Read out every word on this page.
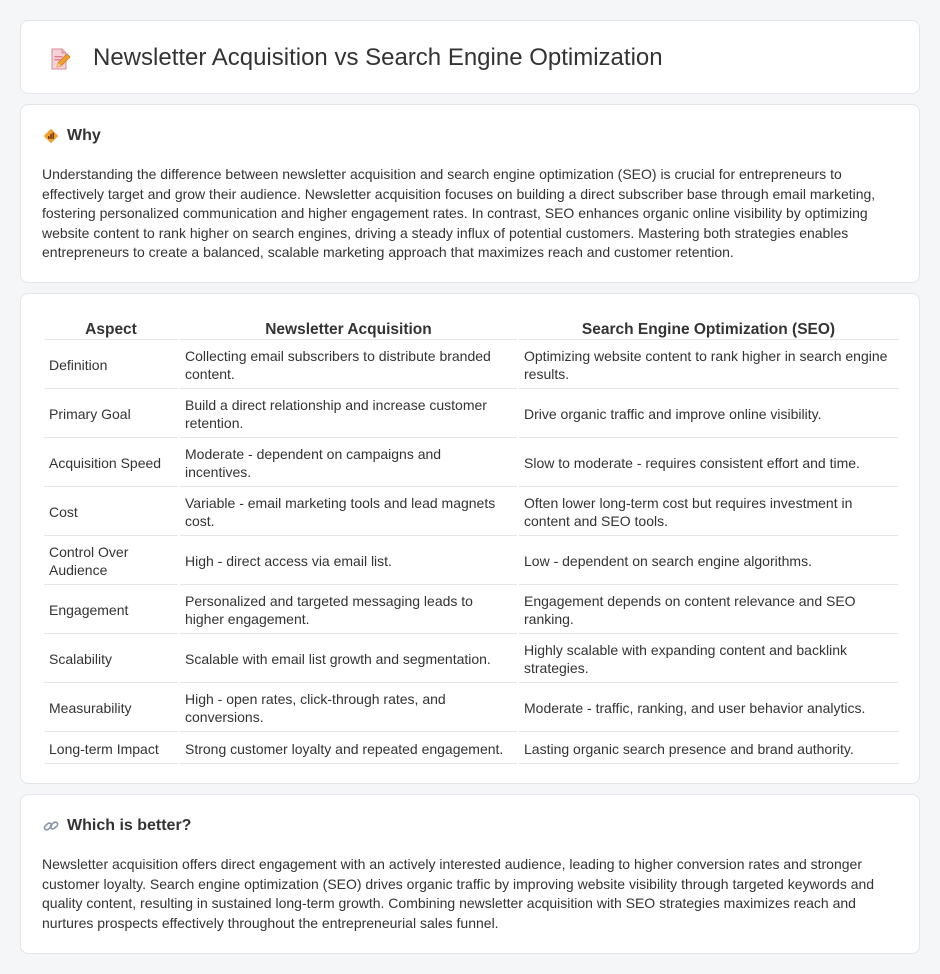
Newsletter Acquisition vs Search Engine Optimization
Why

Understanding the difference between newsletter acquisition and search engine optimization (SEO) is crucial for entrepreneurs to effectively target and grow their audience. Newsletter acquisition focuses on building a direct subscriber base through email marketing, fostering personalized communication and higher engagement rates. In contrast, SEO enhances organic online visibility by optimizing website content to rank higher on search engines, driving a steady influx of potential customers. Mastering both strategies enables entrepreneurs to create a balanced, scalable marketing approach that maximizes reach and customer retention.

Aspect	Newsletter Acquisition	Search Engine Optimization (SEO)
Definition	Collecting email subscribers to distribute branded content.	Optimizing website content to rank higher in search engine results.
Primary Goal	Build a direct relationship and increase customer retention.	Drive organic traffic and improve online visibility.
Acquisition Speed	Moderate - dependent on campaigns and incentives.	Slow to moderate - requires consistent effort and time.
Cost	Variable - email marketing tools and lead magnets cost.	Often lower long-term cost but requires investment in content and SEO tools.
Control Over Audience	High - direct access via email list.	Low - dependent on search engine algorithms.
Engagement	Personalized and targeted messaging leads to higher engagement.	Engagement depends on content relevance and SEO ranking.
Scalability	Scalable with email list growth and segmentation.	Highly scalable with expanding content and backlink strategies.
Measurability	High - open rates, click-through rates, and conversions.	Moderate - traffic, ranking, and user behavior analytics.
Long-term Impact	Strong customer loyalty and repeated engagement.	Lasting organic search presence and brand authority.
Which is better?

Newsletter acquisition offers direct engagement with an actively interested audience, leading to higher conversion rates and stronger customer loyalty. Search engine optimization (SEO) drives organic traffic by improving website visibility through targeted keywords and quality content, resulting in sustained long-term growth. Combining newsletter acquisition with SEO strategies maximizes reach and nurtures prospects effectively throughout the entrepreneurial sales funnel.
